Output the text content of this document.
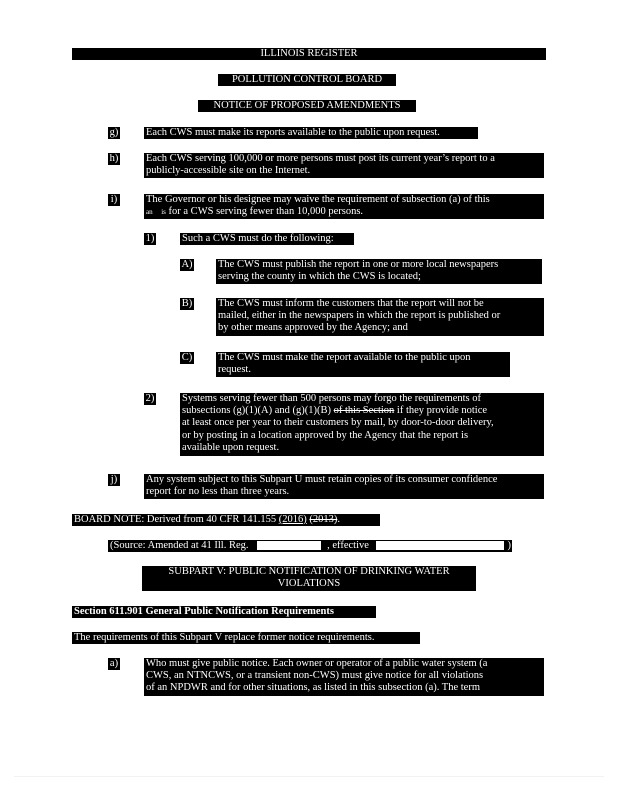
ILLINOIS REGISTER
POLLUTION CONTROL BOARD
NOTICE OF PROPOSED AMENDMENTS
g)	Each CWS must make its reports available to the public upon request.
h)	Each CWS serving 100,000 or more persons must post its current year’s report to a
publicly-accessible site on the Internet.
i)	The Governor or his designee may waive the requirement of subsection (a) of this
an is for a CWS serving fewer than 10,000 persons.
1)	Such a CWS must do the following:
A) The CWS must publish the report in one or more local newspapers
serving the county in which the CWS is located;
B) The CWS must inform the customers that the report will not be
mailed, either in the newspapers in which the report is published or
by other means approved by the Agency; and
C) The CWS must make the report available to the public upon
request.
2)	Systems serving fewer than 500 persons may forgo the requirements of
subsections (g)(1)(A) and (g)(1)(B) of this Section if they provide notice
at least once per year to their customers by mail, by door-to-door delivery,
or by posting in a location approved by the Agency that the report is
available upon request.
j)	Any system subject to this Subpart U must retain copies of its consumer confidence
report for no less than three years.
BOARD NOTE: Derived from 40 CFR 141.155 (2016) (2013).
(Source: Amended at 41 Ill. Reg.	, effective	)
SUBPART V: PUBLIC NOTIFICATION OF DRINKING WATER
VIOLATIONS
Section 611.901 General Public Notification Requirements
The requirements of this Subpart V replace former notice requirements.
a)	Who must give public notice. Each owner or operator of a public water system (a
CWS, an NTNCWS, or a transient non-CWS) must give notice for all violations
of an NPDWR and for other situations, as listed in this subsection (a). The term
